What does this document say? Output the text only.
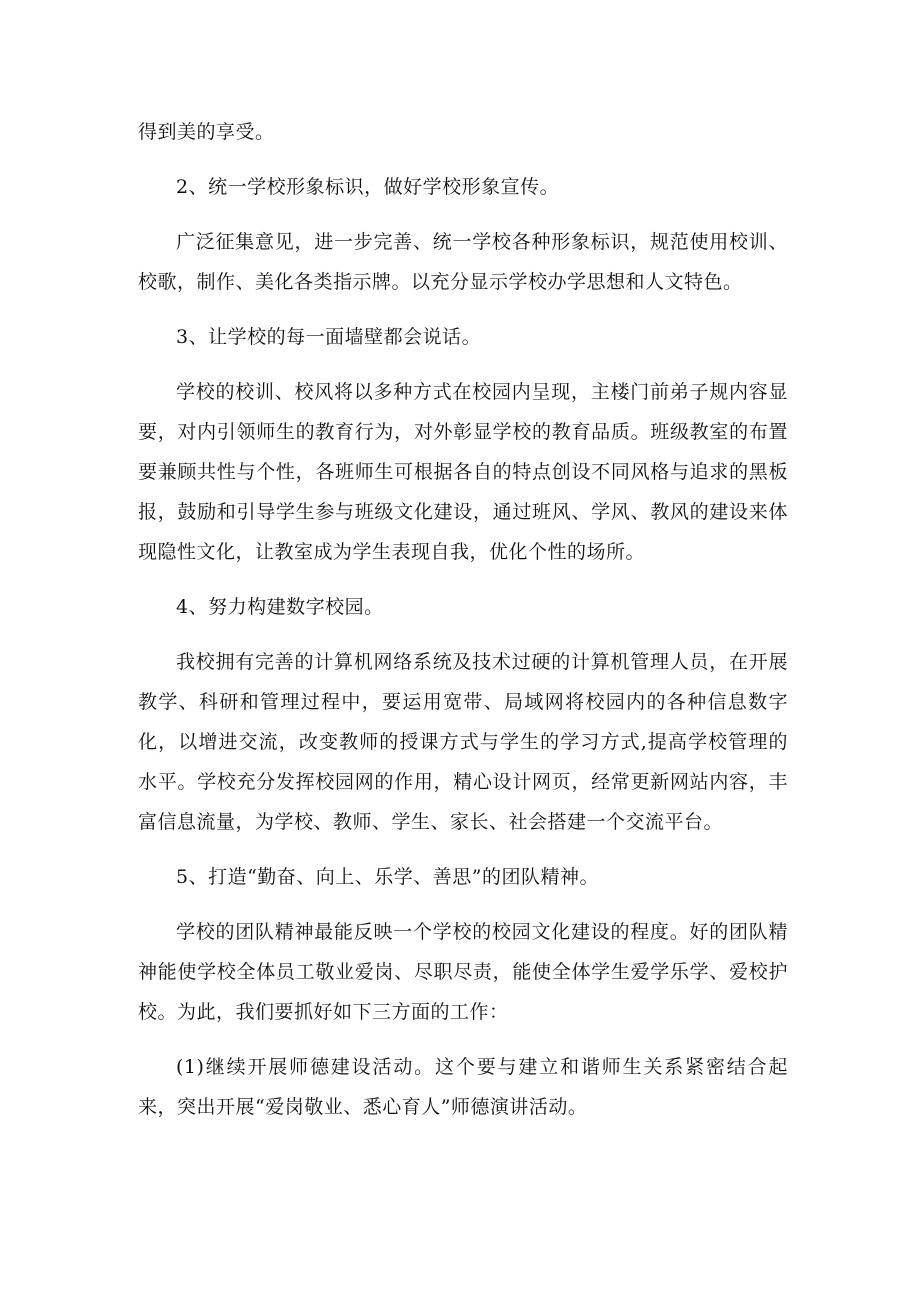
得到美的享受。

2、统一学校形象标识，做好学校形象宣传。

广泛征集意见，进一步完善、统一学校各种形象标识，规范使用校训、校歌，制作、美化各类指示牌。以充分显示学校办学思想和人文特色。

3、让学校的每一面墙壁都会说话。

学校的校训、校风将以多种方式在校园内呈现，主楼门前弟子规内容显要，对内引领师生的教育行为，对外彰显学校的教育品质。班级教室的布置要兼顾共性与个性，各班师生可根据各自的特点创设不同风格与追求的黑板报，鼓励和引导学生参与班级文化建设，通过班风、学风、教风的建设来体现隐性文化，让教室成为学生表现自我，优化个性的场所。

4、努力构建数字校园。

我校拥有完善的计算机网络系统及技术过硬的计算机管理人员，在开展教学、科研和管理过程中，要运用宽带、局域网将校园内的各种信息数字化，以增进交流，改变教师的授课方式与学生的学习方式,提高学校管理的水平。学校充分发挥校园网的作用，精心设计网页，经常更新网站内容，丰富信息流量，为学校、教师、学生、家长、社会搭建一个交流平台。

5、打造“勤奋、向上、乐学、善思”的团队精神。

学校的团队精神最能反映一个学校的校园文化建设的程度。好的团队精神能使学校全体员工敬业爱岗、尽职尽责，能使全体学生爱学乐学、爱校护校。为此，我们要抓好如下三方面的工作：

(1)继续开展师德建设活动。这个要与建立和谐师生关系紧密结合起来，突出开展“爱岗敬业、悉心育人”师德演讲活动。
